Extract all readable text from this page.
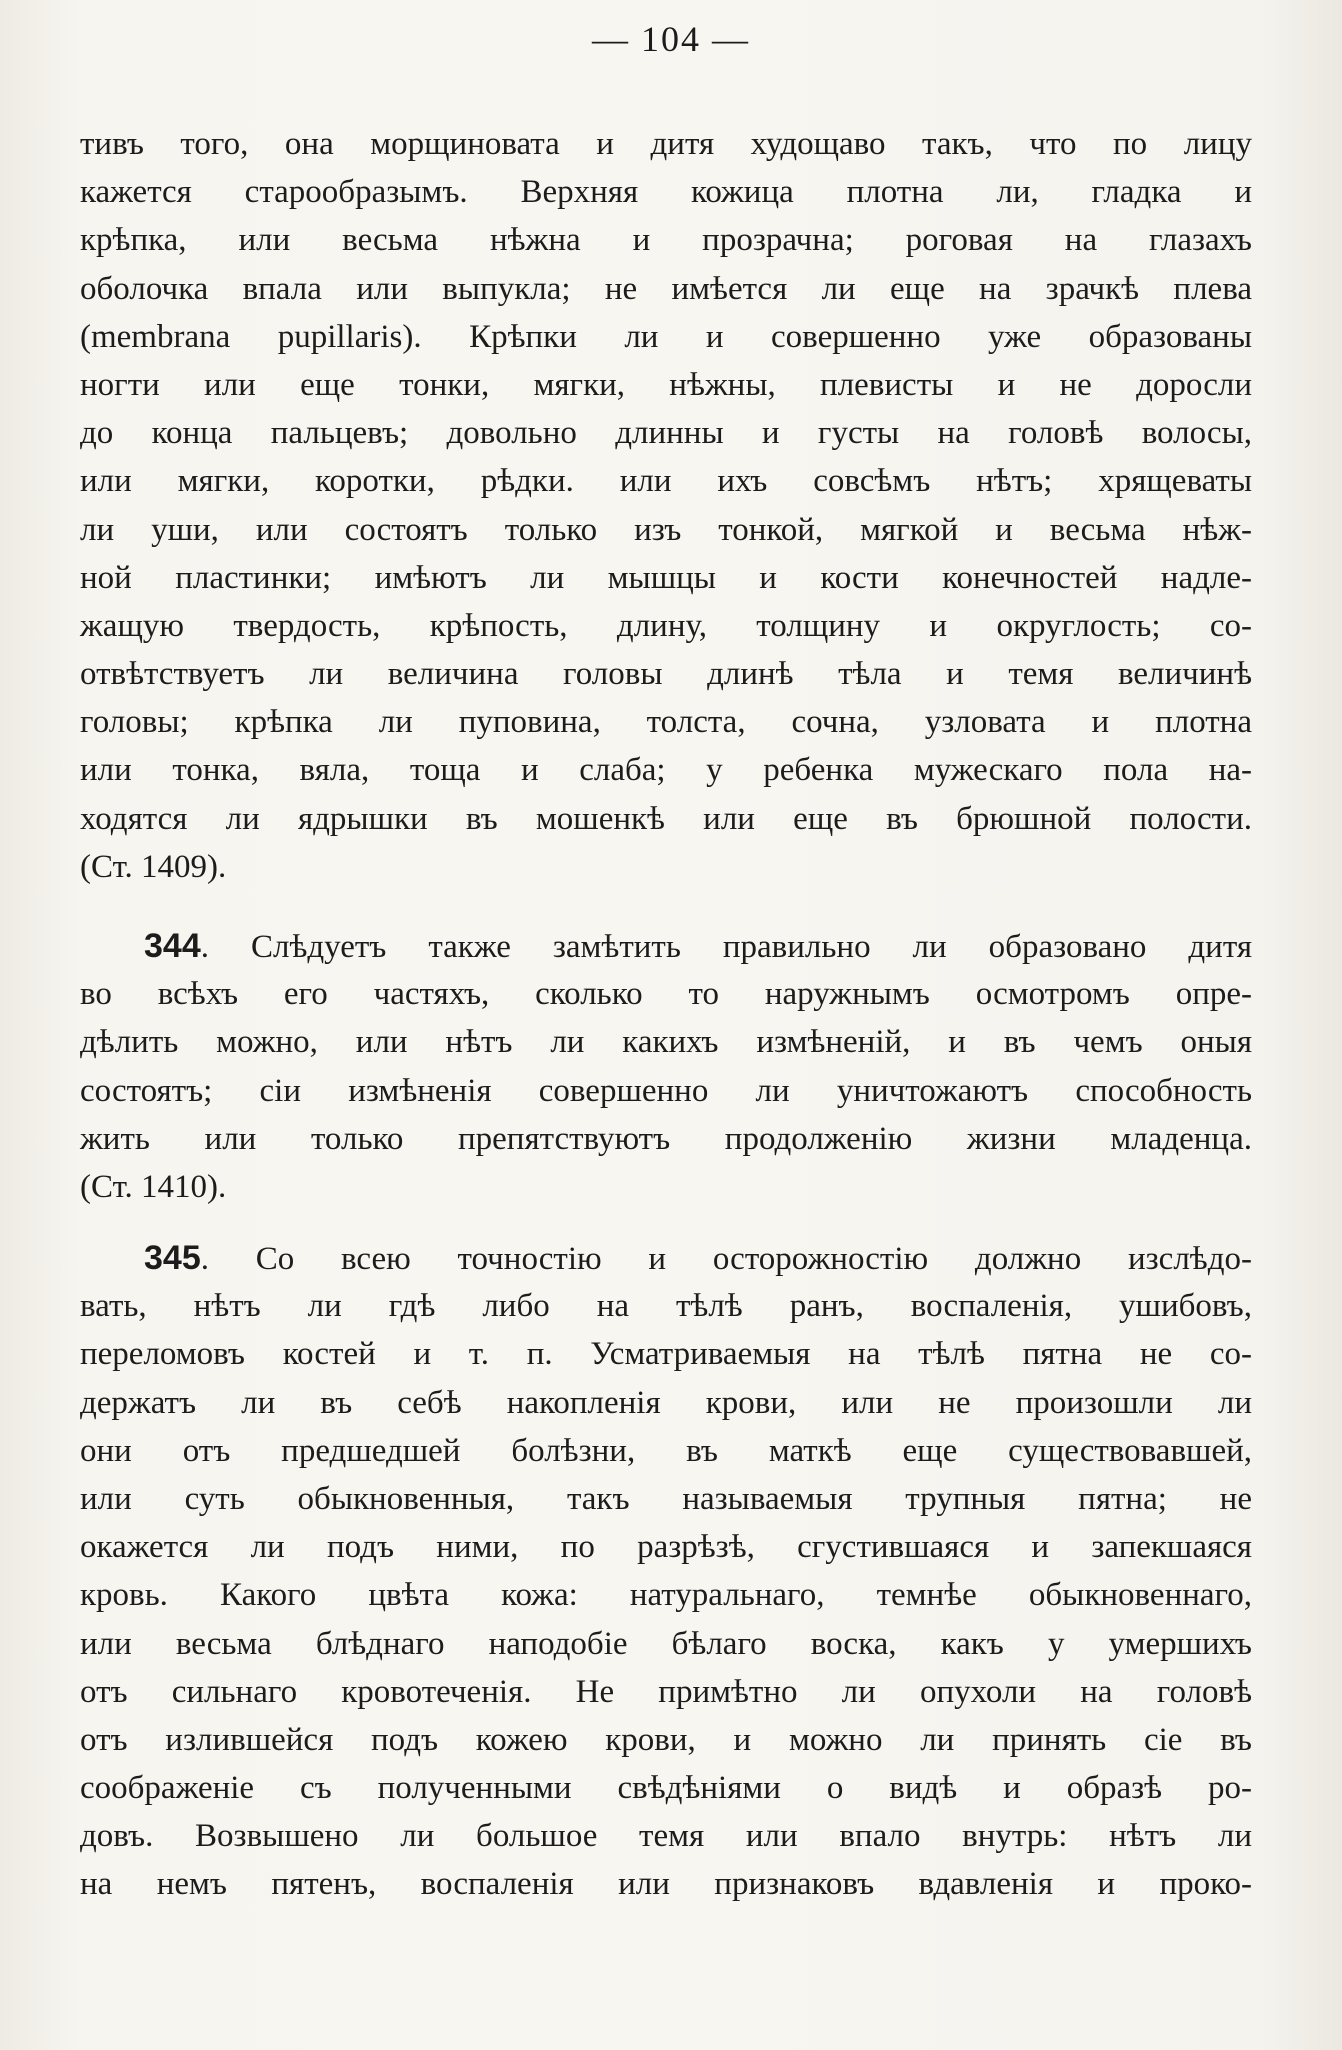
— 104 —
тивъ того, она морщиновата и дитя худощаво такъ, что по лицу
кажется старообразымъ. Верхняя кожица плотна ли, гладка и
крѣпка, или весьма нѣжна и прозрачна; роговая на глазахъ
оболочка впала или выпукла; не имѣется ли еще на зрачкѣ плева
(membrana pupillaris). Крѣпки ли и совершенно уже образованы
ногти или еще тонки, мягки, нѣжны, плевисты и не доросли
до конца пальцевъ; довольно длинны и густы на головѣ волосы,
или мягки, коротки, рѣдки. или ихъ совсѣмъ нѣтъ; хрящеваты
ли уши, или состоятъ только изъ тонкой, мягкой и весьма нѣж-
ной пластинки; имѣютъ ли мышцы и кости конечностей надле-
жащую твердость, крѣпость, длину, толщину и округлость; со-
отвѣтствуетъ ли величина головы длинѣ тѣла и темя величинѣ
головы; крѣпка ли пуповина, толста, сочна, узловата и плотна
или тонка, вяла, тоща и слаба; у ребенка мужескаго пола на-
ходятся ли ядрышки въ мошенкѣ или еще въ брюшной полости.
(Ст. 1409).
344. Слѣдуетъ также замѣтить правильно ли образовано дитя
во всѣхъ его частяхъ, сколько то наружнымъ осмотромъ опре-
дѣлить можно, или нѣтъ ли какихъ измѣненій, и въ чемъ оныя
состоятъ; сіи измѣненія совершенно ли уничтожаютъ способность
жить или только препятствуютъ продолженію жизни младенца.
(Ст. 1410).
345. Со всею точностію и осторожностію должно изслѣдо-
вать, нѣтъ ли гдѣ либо на тѣлѣ ранъ, воспаленія, ушибовъ,
переломовъ костей и т. п. Усматриваемыя на тѣлѣ пятна не со-
держатъ ли въ себѣ накопленія крови, или не произошли ли
они отъ предшедшей болѣзни, въ маткѣ еще существовавшей,
или суть обыкновенныя, такъ называемыя трупныя пятна; не
окажется ли подъ ними, по разрѣзѣ, сгустившаяся и запекшаяся
кровь. Какого цвѣта кожа: натуральнаго, темнѣе обыкновеннаго,
или весьма блѣднаго наподобіе бѣлаго воска, какъ у умершихъ
отъ сильнаго кровотеченія. Не примѣтно ли опухоли на головѣ
отъ излившейся подъ кожею крови, и можно ли принять сіе въ
соображеніе съ полученными свѣдѣніями о видѣ и образѣ ро-
довъ. Возвышено ли большое темя или впало внутрь: нѣтъ ли
на немъ пятенъ, воспаленія или признаковъ вдавленія и проко-
